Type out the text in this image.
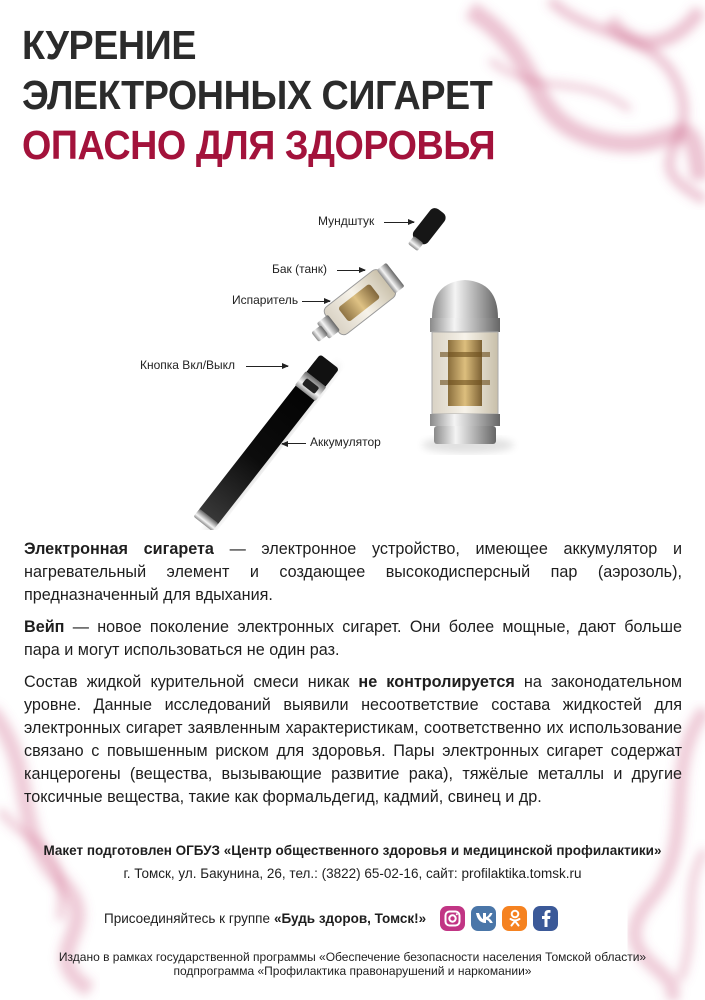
КУРЕНИЕ
ЭЛЕКТРОННЫХ СИГАРЕТ
ОПАСНО ДЛЯ ЗДОРОВЬЯ
Мундштук
Бак (танк)
Испаритель
Кнопка Вкл/Выкл
Аккумулятор

Электронная сигарета — электронное устройство, имеющее аккумулятор и нагревательный элемент и создающее высокодисперсный пар (аэрозоль), предназначенный для вдыхания.

Вейп — новое поколение электронных сигарет. Они более мощные, дают больше пара и могут использоваться не один раз.

Состав жидкой курительной смеси никак не контролируется на законодательном уровне. Данные исследований выявили несоответствие состава жидкостей для электронных сигарет заявленным характеристикам, соответственно их использование связано с повышенным риском для здоровья. Пары электронных сигарет содержат канцерогены (вещества, вызывающие развитие рака), тяжёлые металлы и другие токсичные вещества, такие как формальдегид, кадмий, свинец и др.

Макет подготовлен ОГБУЗ «Центр общественного здоровья и медицинской профилактики»
г. Томск, ул. Бакунина, 26, тел.: (3822) 65-02-16, сайт: profilaktika.tomsk.ru
Присоединяйтесь к группе «Будь здоров, Томск!»
Издано в рамках государственной программы «Обеспечение безопасности населения Томской области»
подпрограмма «Профилактика правонарушений и наркомании»
